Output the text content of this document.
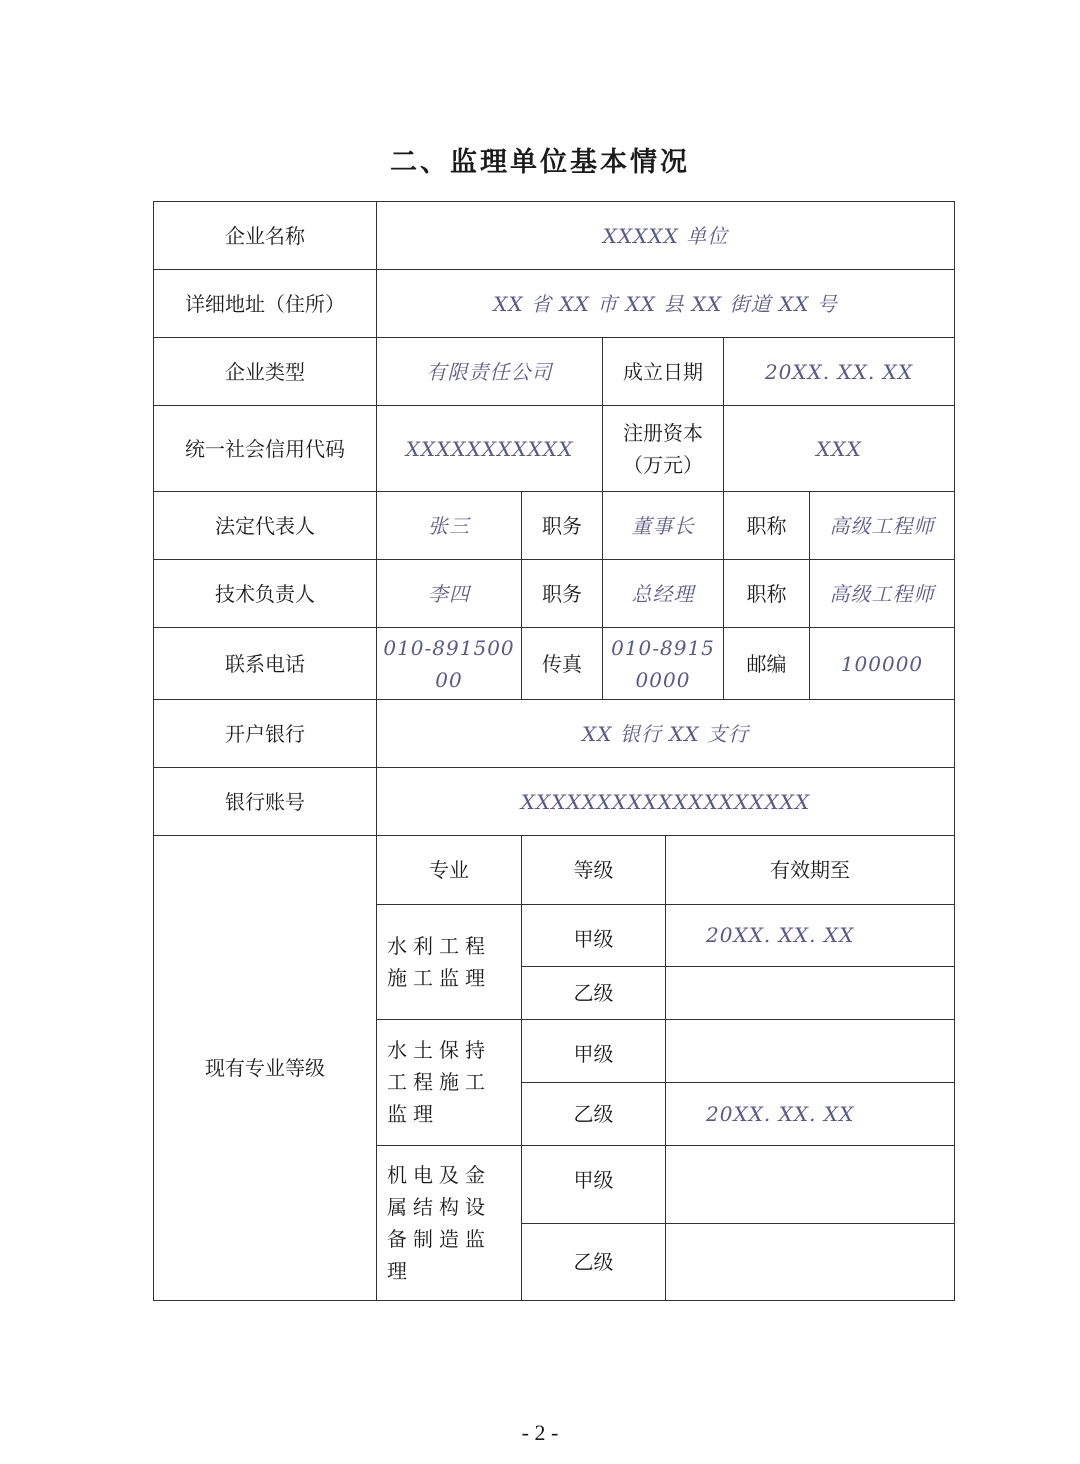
二、监理单位基本情况
企业名称	XXXXX 单位					
详细地址（住所）	XX 省 XX 市 XX 县 XX 街道 XX 号					
企业类型	有限责任公司		成立日期		20XX. XX. XX	
统一社会信用代码	XXXXXXXXXXX		注册资本（万元）		XXX	
法定代表人	张三	职务	董事长		职称	高级工程师
技术负责人	李四	职务	总经理		职称	高级工程师
联系电话	010-89150000	传真	010-89150000		邮编	100000
开户银行	XX 银行 XX 支行					
银行账号	XXXXXXXXXXXXXXXXXXX					
现有专业等级	专业	等级		有效期至		
	水利工程施工监理	甲级		20XX. XX. XX		
		乙级				
	水土保持工程施工监理	甲级				
		乙级		20XX. XX. XX		
	机电及金属结构设备制造监理	甲级				
		乙级				
- 2 -
